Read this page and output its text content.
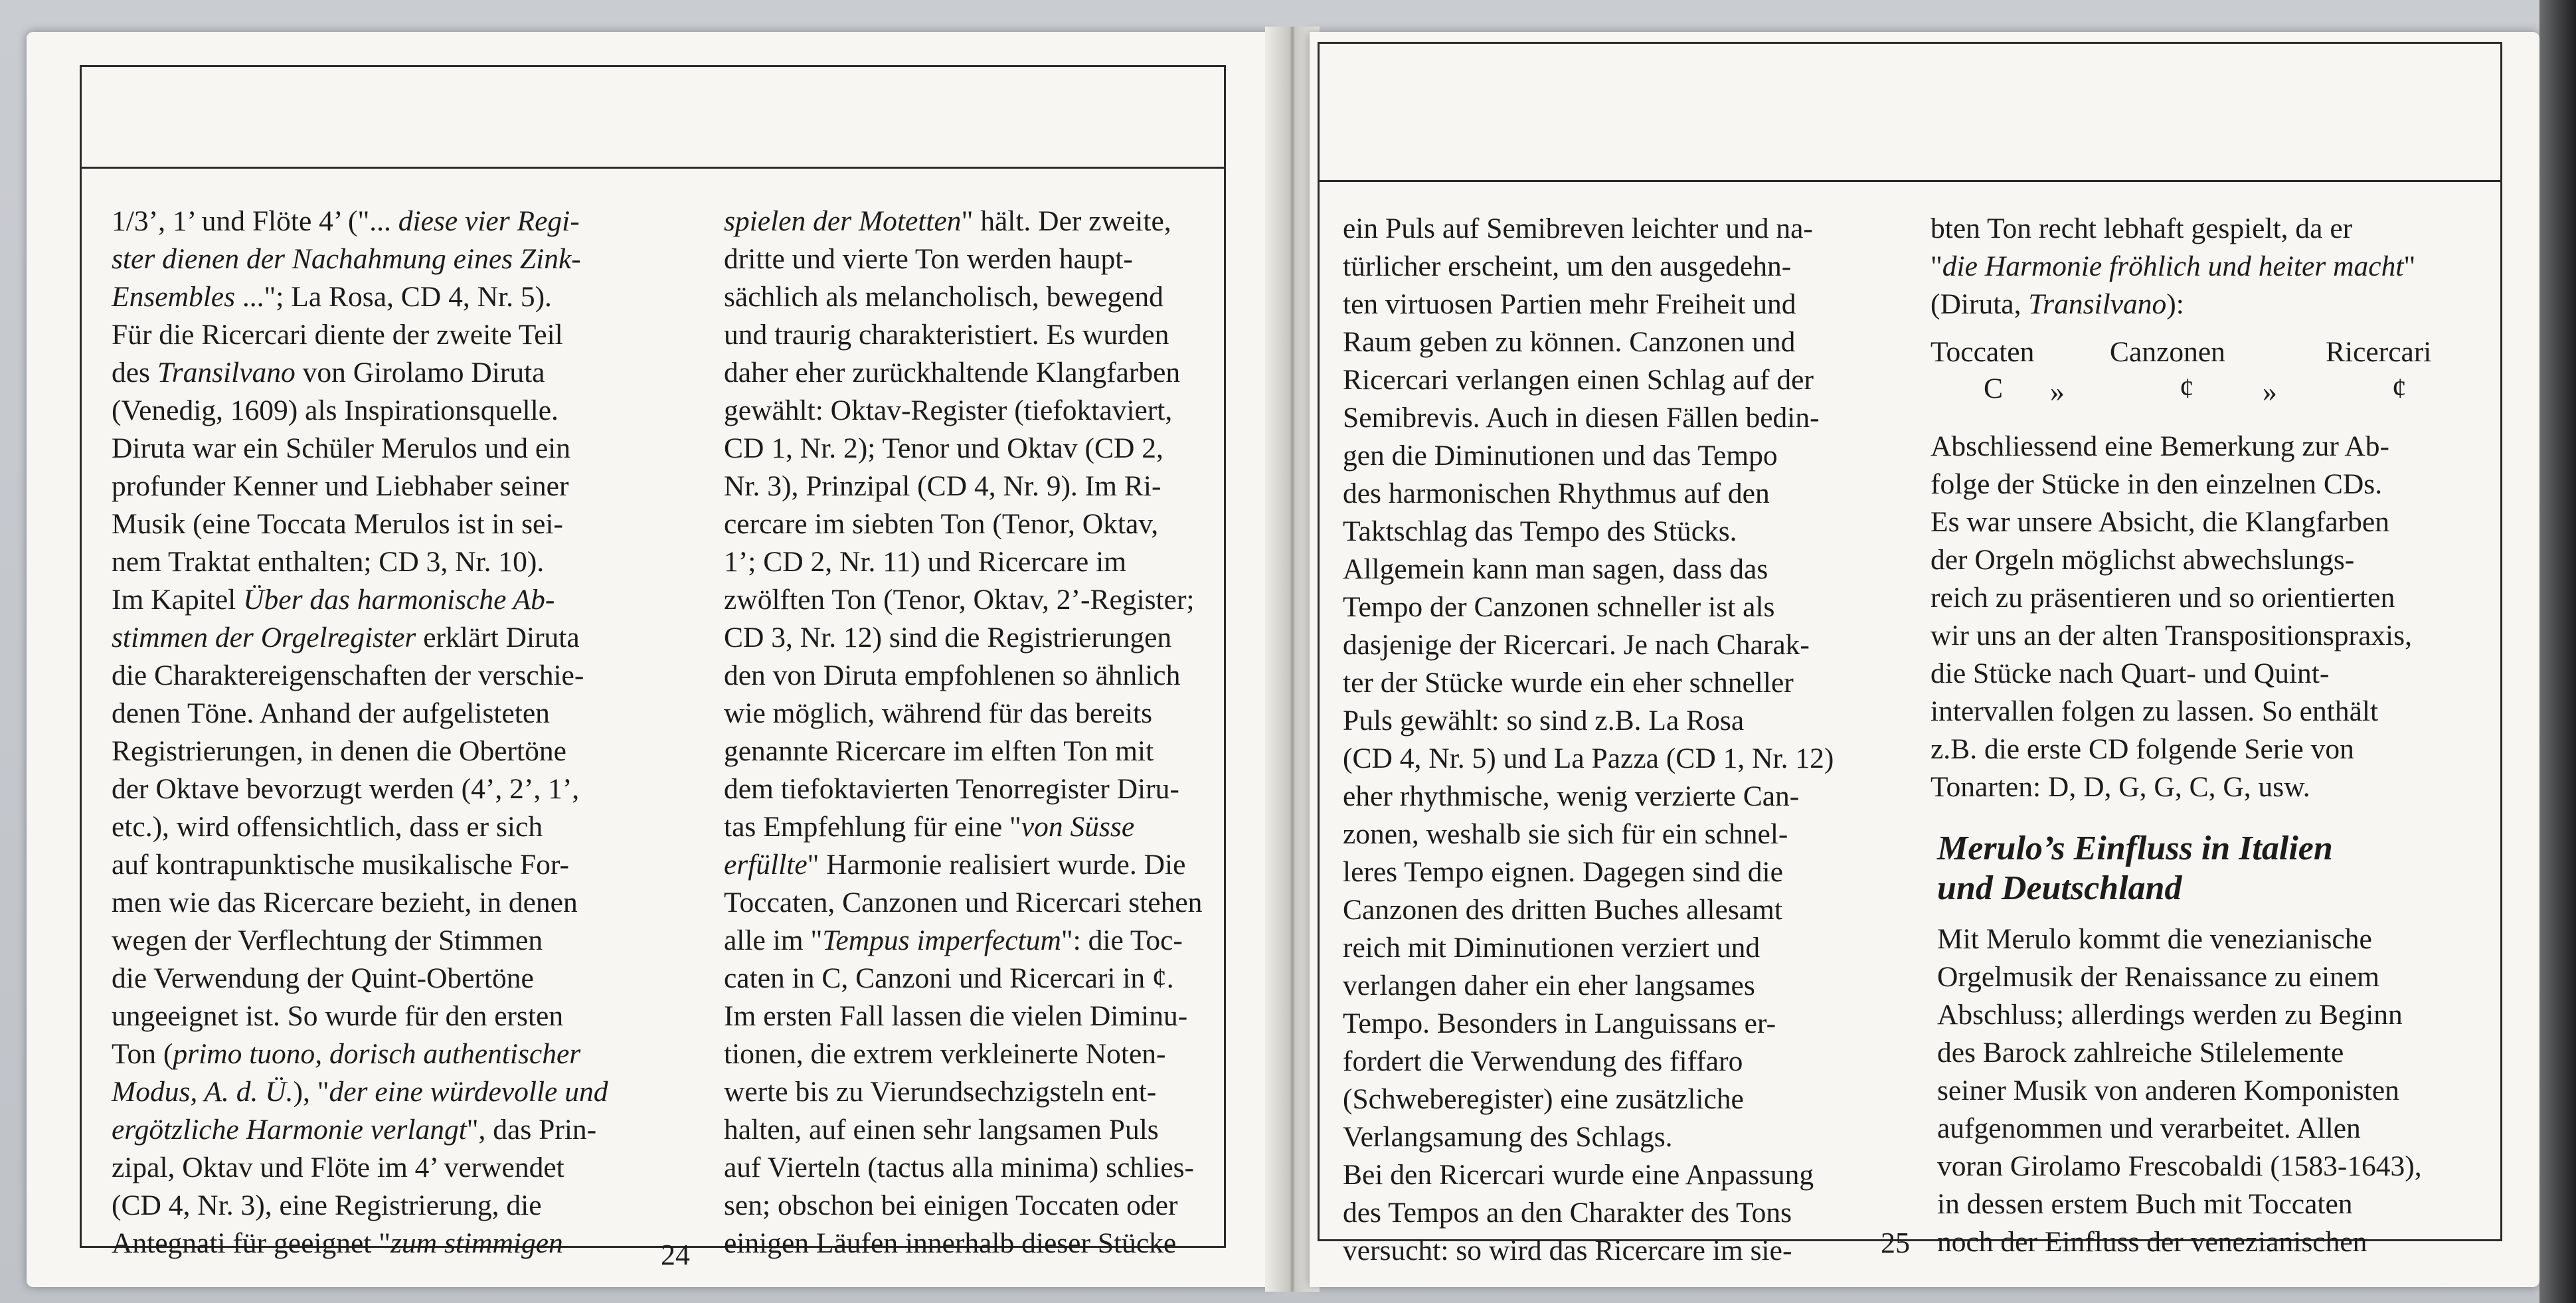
1/3’, 1’ und Flöte 4’ ("... diese vier Regi-
ster dienen der Nachahmung eines Zink-
Ensembles ..."; La Rosa, CD 4, Nr. 5).
Für die Ricercari diente der zweite Teil
des Transilvano von Girolamo Diruta
(Venedig, 1609) als Inspirationsquelle.
Diruta war ein Schüler Merulos und ein
profunder Kenner und Liebhaber seiner
Musik (eine Toccata Merulos ist in sei-
nem Traktat enthalten; CD 3, Nr. 10).
Im Kapitel Über das harmonische Ab-
stimmen der Orgelregister erklärt Diruta
die Charaktereigenschaften der verschie-
denen Töne. Anhand der aufgelisteten
Registrierungen, in denen die Obertöne
der Oktave bevorzugt werden (4’, 2’, 1’,
etc.), wird offensichtlich, dass er sich
auf kontrapunktische musikalische For-
men wie das Ricercare bezieht, in denen
wegen der Verflechtung der Stimmen
die Verwendung der Quint-Obertöne
ungeeignet ist. So wurde für den ersten
Ton (primo tuono, dorisch authentischer
Modus, A. d. Ü.), "der eine würdevolle und
ergötzliche Harmonie verlangt", das Prin-
zipal, Oktav und Flöte im 4’ verwendet
(CD 4, Nr. 3), eine Registrierung, die
Antegnati für geeignet "zum stimmigen
spielen der Motetten" hält. Der zweite,
dritte und vierte Ton werden haupt-
sächlich als melancholisch, bewegend
und traurig charakteristiert. Es wurden
daher eher zurückhaltende Klangfarben
gewählt: Oktav-Register (tiefoktaviert,
CD 1, Nr. 2); Tenor und Oktav (CD 2,
Nr. 3), Prinzipal (CD 4, Nr. 9). Im Ri-
cercare im siebten Ton (Tenor, Oktav,
1’; CD 2, Nr. 11) und Ricercare im
zwölften Ton (Tenor, Oktav, 2’-Register;
CD 3, Nr. 12) sind die Registrierungen
den von Diruta empfohlenen so ähnlich
wie möglich, während für das bereits
genannte Ricercare im elften Ton mit
dem tiefoktavierten Tenorregister Diru-
tas Empfehlung für eine "von Süsse
erfüllte" Harmonie realisiert wurde. Die
Toccaten, Canzonen und Ricercari stehen
alle im "Tempus imperfectum": die Toc-
caten in C, Canzoni und Ricercari in ¢.
Im ersten Fall lassen die vielen Diminu-
tionen, die extrem verkleinerte Noten-
werte bis zu Vierundsechzigsteln ent-
halten, auf einen sehr langsamen Puls
auf Vierteln (tactus alla minima) schlies-
sen; obschon bei einigen Toccaten oder
einigen Läufen innerhalb dieser Stücke
24
ein Puls auf Semibreven leichter und na-
türlicher erscheint, um den ausgedehn-
ten virtuosen Partien mehr Freiheit und
Raum geben zu können. Canzonen und
Ricercari verlangen einen Schlag auf der
Semibrevis. Auch in diesen Fällen bedin-
gen die Diminutionen und das Tempo
des harmonischen Rhythmus auf den
Taktschlag das Tempo des Stücks.
Allgemein kann man sagen, dass das
Tempo der Canzonen schneller ist als
dasjenige der Ricercari. Je nach Charak-
ter der Stücke wurde ein eher schneller
Puls gewählt: so sind z.B. La Rosa
(CD 4, Nr. 5) und La Pazza (CD 1, Nr. 12)
eher rhythmische, wenig verzierte Can-
zonen, weshalb sie sich für ein schnel-
leres Tempo eignen. Dagegen sind die
Canzonen des dritten Buches allesamt
reich mit Diminutionen verziert und
verlangen daher ein eher langsames
Tempo. Besonders in Languissans er-
fordert die Verwendung des fiffaro
(Schweberegister) eine zusätzliche
Verlangsamung des Schlags.
Bei den Ricercari wurde eine Anpassung
des Tempos an den Charakter des Tons
versucht: so wird das Ricercare im sie-
bten Ton recht lebhaft gespielt, da er
"die Harmonie fröhlich und heiter macht"
(Diruta, Transilvano):
Toccaten	Canzonen	Ricercari
C »	¢ »	¢
Abschliessend eine Bemerkung zur Ab-
folge der Stücke in den einzelnen CDs.
Es war unsere Absicht, die Klangfarben
der Orgeln möglichst abwechslungs-
reich zu präsentieren und so orientierten
wir uns an der alten Transpositionspraxis,
die Stücke nach Quart- und Quint-
intervallen folgen zu lassen. So enthält
z.B. die erste CD folgende Serie von
Tonarten: D, D, G, G, C, G, usw.
Merulo’s Einfluss in Italien
und Deutschland
Mit Merulo kommt die venezianische
Orgelmusik der Renaissance zu einem
Abschluss; allerdings werden zu Beginn
des Barock zahlreiche Stilelemente
seiner Musik von anderen Komponisten
aufgenommen und verarbeitet. Allen
voran Girolamo Frescobaldi (1583-1643),
in dessen erstem Buch mit Toccaten
noch der Einfluss der venezianischen
25
